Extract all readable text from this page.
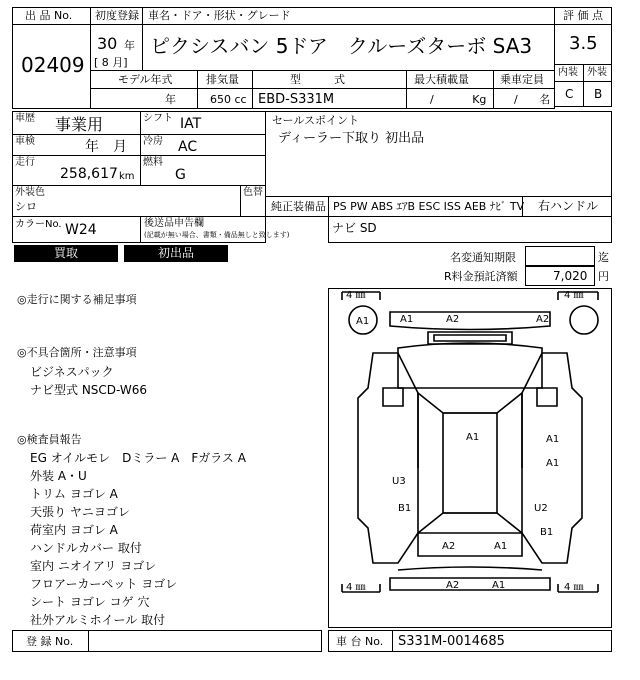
出 品 No.
02409
初度登録 車名・ドア・形状・グレード
30 年
[ 8 月]
ピクシスバン 5ドア　クルーズターボ SA3
評 価 点
3.5
内装 外装
C B
モデル年式	排気量	型　　　式	最大積載量	乗車定員
年	650 cc EBD-S331M	/ Kg	/ 名
車歴 事業用	シフト IAT
車検	年　月 冷房 AC
走行
258,617 km
燃料
G
外装色
シロ
色替
カラーNo. W24	後送品申告欄
(記載が無い場合、書類・備品無しと致します)
セールスポイント
ディーラー下取り 初出品
純正装備品 PS PW ABS ｴｱB ESC ISS AEB ﾅﾋﾞ TV 右ハンドル
ナビ SD
買取	初出品	名変通知期限	迄
R料金預託済額	7,020 円
◎走行に関する補足事項
◎不具合箇所・注意事項
ビジネスパック
ナビ型式 NSCD-W66
◎検査員報告
EG オイルモレ　Dミラー A　Fガラス A
外装 A・U
トリム ヨゴレ A
天張り ヤニヨゴレ
荷室内 ヨゴレ A
ハンドルカバー 取付
室内 ニオイアリ ヨゴレ
フロアーカーペット ヨゴレ
シート ヨゴレ コゲ 穴
社外アルミホイール 取付
4 ㎜	4 ㎜
4 ㎜	4 ㎜
A1	A1	A2	A2
A1	A1
A1
U3
B1	U2
B1
A2	A1
A2	A1
登 録 No.	車 台 No. S331M-0014685
